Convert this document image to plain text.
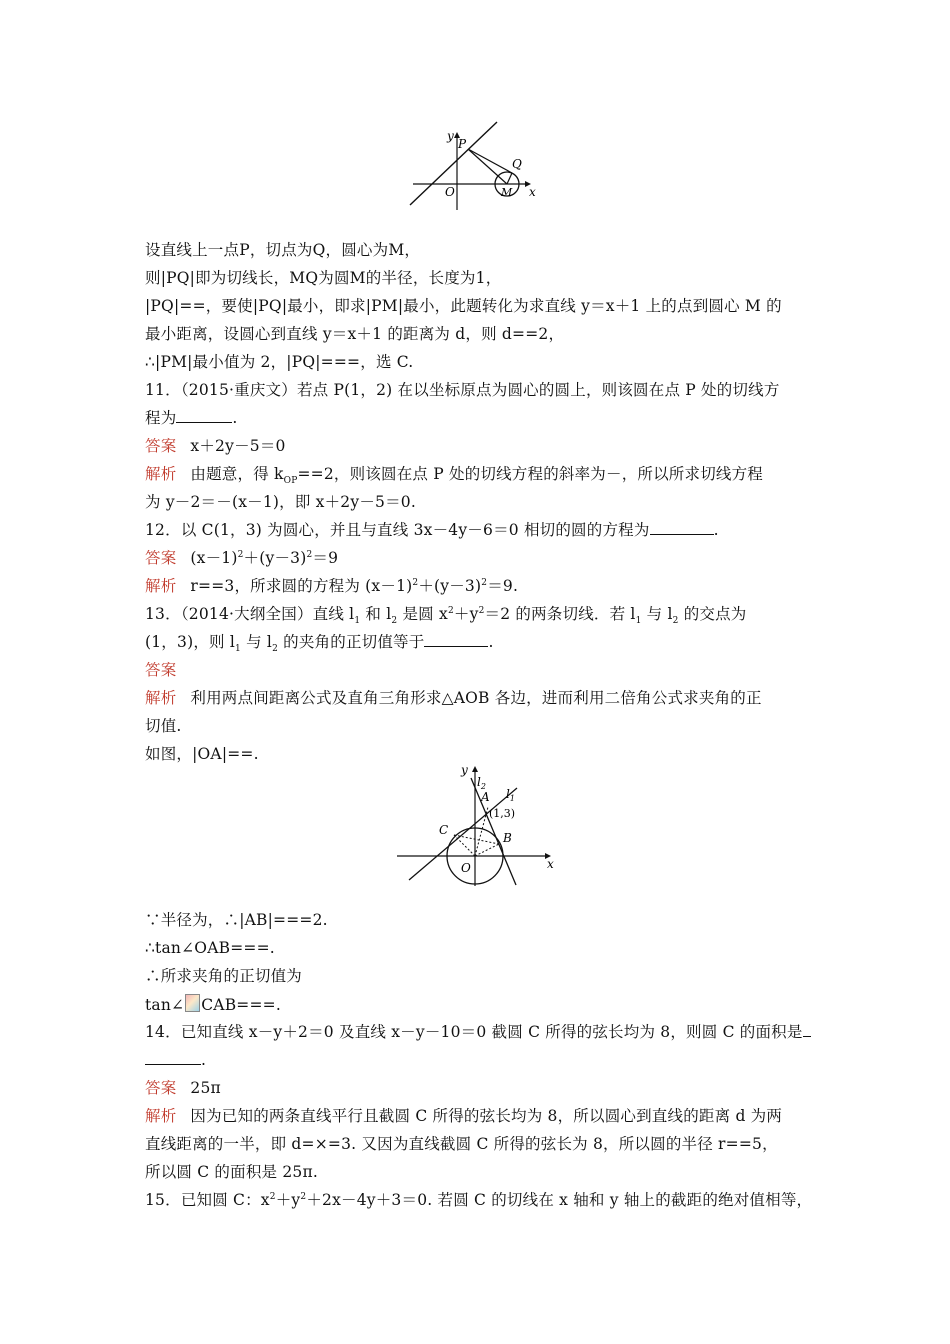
y
x
O
P
Q
M
设直线上一点P，切点为Q，圆心为M，
则|PQ|即为切线长，MQ为圆M的半径，长度为1，
|PQ|==，要使|PQ|最小，即求|PM|最小，此题转化为求直线 y＝x＋1 上的点到圆心 M 的
最小距离，设圆心到直线 y＝x＋1 的距离为 d，则 d==2，
∴|PM|最小值为 2，|PQ|===，选 C.
11．（2015·重庆文）若点 P(1，2) 在以坐标原点为圆心的圆上，则该圆在点 P 处的切线方
程为	.
答案 x＋2y－5＝0
解析 由题意，得 $k_{OP}==2$，则该圆在点 P 处的切线方程的斜率为－，所以所求切线方程
为 y－2＝－(x－1)，即 x＋2y－5＝0.
12．以 C(1，3) 为圆心，并且与直线 3x－4y－6＝0 相切的圆的方程为	.
答案 $(x-1)^2+(y-3)^2=9$
解析 r==3，所求圆的方程为 $(x-1)^2+(y-3)^2=9$.
13．（2014·大纲全国）直线 $l_1$ 和 $l_2$ 是圆 $x^2+y^2=2$ 的两条切线．若 $l_1$ 与 $l_2$ 的交点为
(1，3)，则 $l_1$ 与 $l_2$ 的夹角的正切值等于	.
答案
解析 利用两点间距离公式及直角三角形求△AOB 各边，进而利用二倍角公式求夹角的正
切值.
如图，|OA|==.
y
x
O
A
B
C
$l_1$
$l_2$
(1,3)
∵半径为，∴|AB|===2.
∴tan∠OAB===.
∴所求夹角的正切值为
tan∠ CAB===.
14．已知直线 x－y＋2＝0 及直线 x－y－10＝0 截圆 C 所得的弦长均为 8，则圆 C 的面积是
.
答案 25π
解析 因为已知的两条直线平行且截圆 C 所得的弦长均为 8，所以圆心到直线的距离 d 为两
直线距离的一半，即 d=×=3. 又因为直线截圆 C 所得的弦长为 8，所以圆的半径 r==5，
所以圆 C 的面积是 25π.
15．已知圆 C：$x^2+y^2+2x-4y+3=0$. 若圆 C 的切线在 x 轴和 y 轴上的截距的绝对值相等，
